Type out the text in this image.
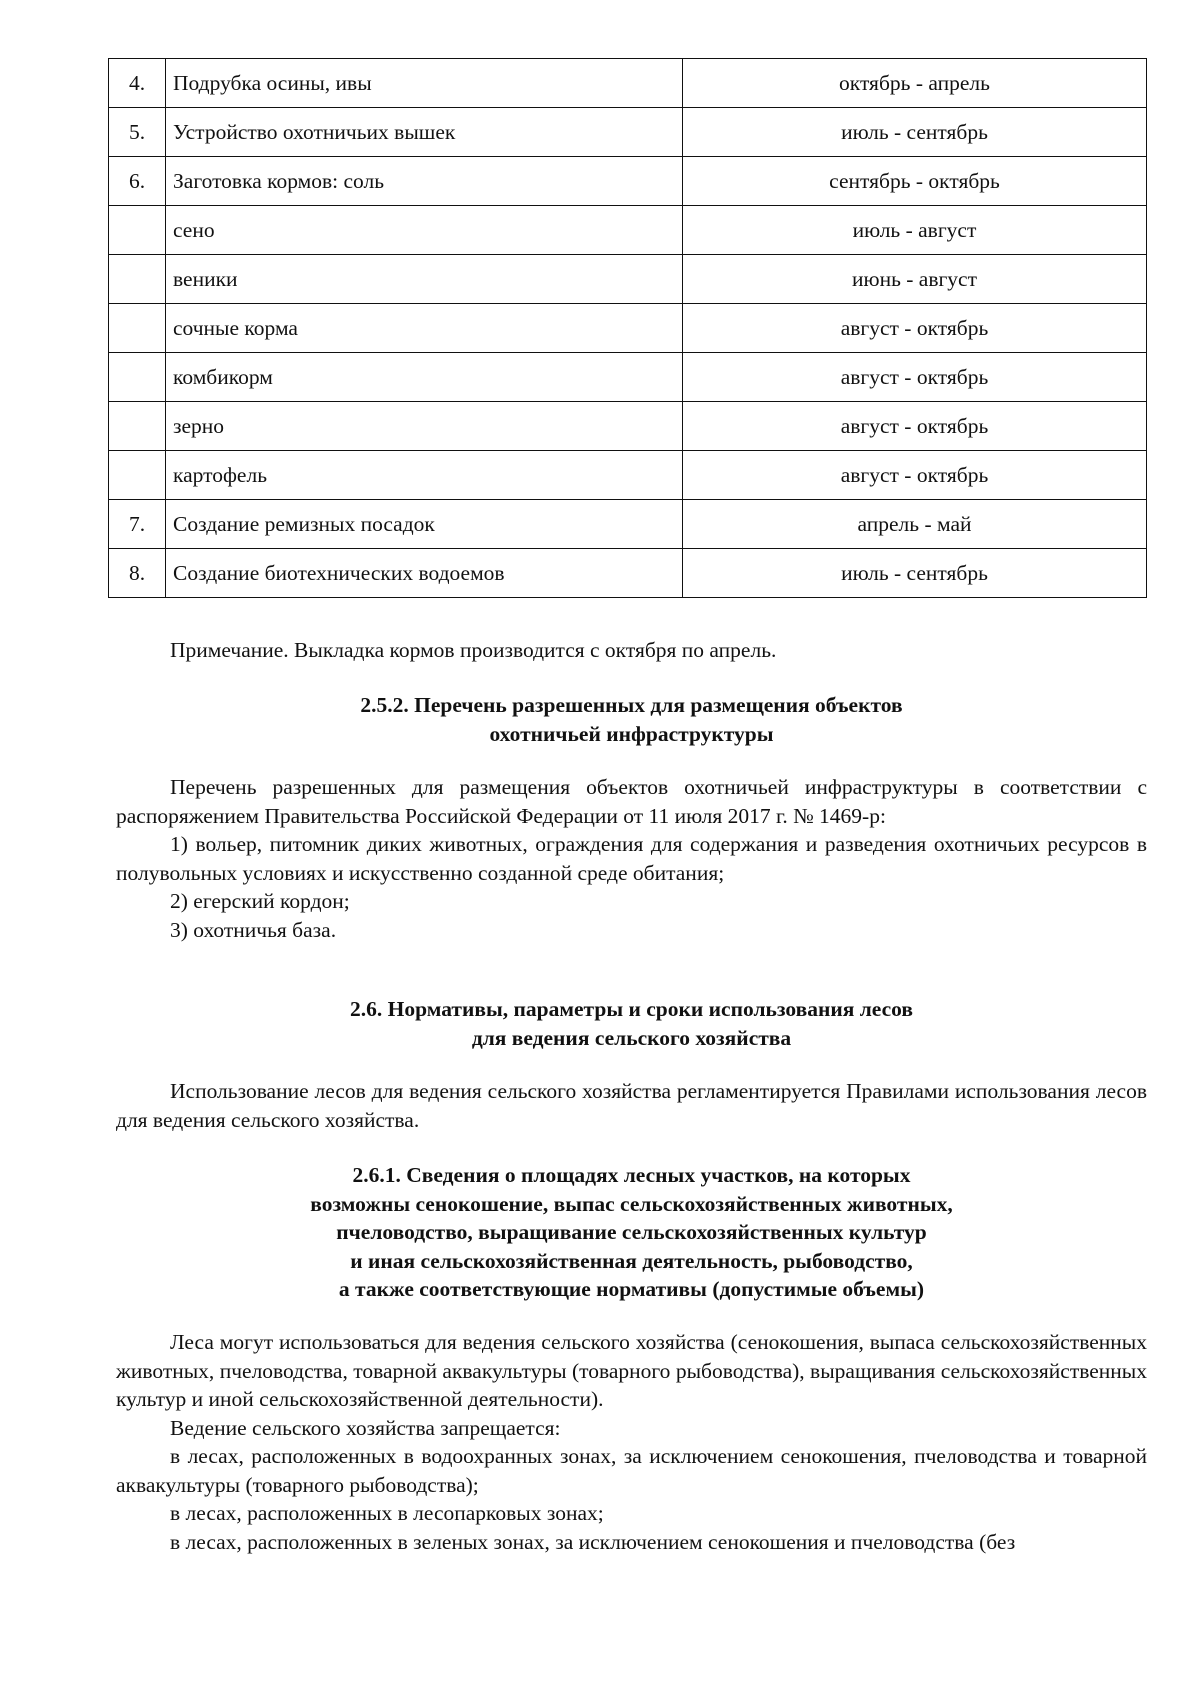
4.	Подрубка осины, ивы	октябрь - апрель
5.	Устройство охотничьих вышек	июль - сентябрь
6.	Заготовка кормов: соль	сентябрь - октябрь
	сено	июль - август
	веники	июнь - август
	сочные корма	август - октябрь
	комбикорм	август - октябрь
	зерно	август - октябрь
	картофель	август - октябрь
7.	Создание ремизных посадок	апрель - май
8.	Создание биотехнических водоемов	июль - сентябрь

Примечание. Выкладка кормов производится с октября по апрель.

2.5.2. Перечень разрешенных для размещения объектов

охотничьей инфраструктуры

Перечень разрешенных для размещения объектов охотничьей инфраструктуры в соответствии с распоряжением Правительства Российской Федерации от 11 июля 2017 г. № 1469-р:

1) вольер, питомник диких животных, ограждения для содержания и разведения охотничьих ресурсов в полувольных условиях и искусственно созданной среде обитания;

2) егерский кордон;

3) охотничья база.

2.6. Нормативы, параметры и сроки использования лесов

для ведения сельского хозяйства

Использование лесов для ведения сельского хозяйства регламентируется Правилами использования лесов для ведения сельского хозяйства.

2.6.1. Сведения о площадях лесных участков, на которых

возможны сенокошение, выпас сельскохозяйственных животных,

пчеловодство, выращивание сельскохозяйственных культур

и иная сельскохозяйственная деятельность, рыбоводство,

а также соответствующие нормативы (допустимые объемы)

Леса могут использоваться для ведения сельского хозяйства (сенокошения, выпаса сельскохозяйственных животных, пчеловодства, товарной аквакультуры (товарного рыбоводства), выращивания сельскохозяйственных культур и иной сельскохозяйственной деятельности).

Ведение сельского хозяйства запрещается:

в лесах, расположенных в водоохранных зонах, за исключением сенокошения, пчеловодства и товарной аквакультуры (товарного рыбоводства);

в лесах, расположенных в лесопарковых зонах;

в лесах, расположенных в зеленых зонах, за исключением сенокошения и пчеловодства (без
